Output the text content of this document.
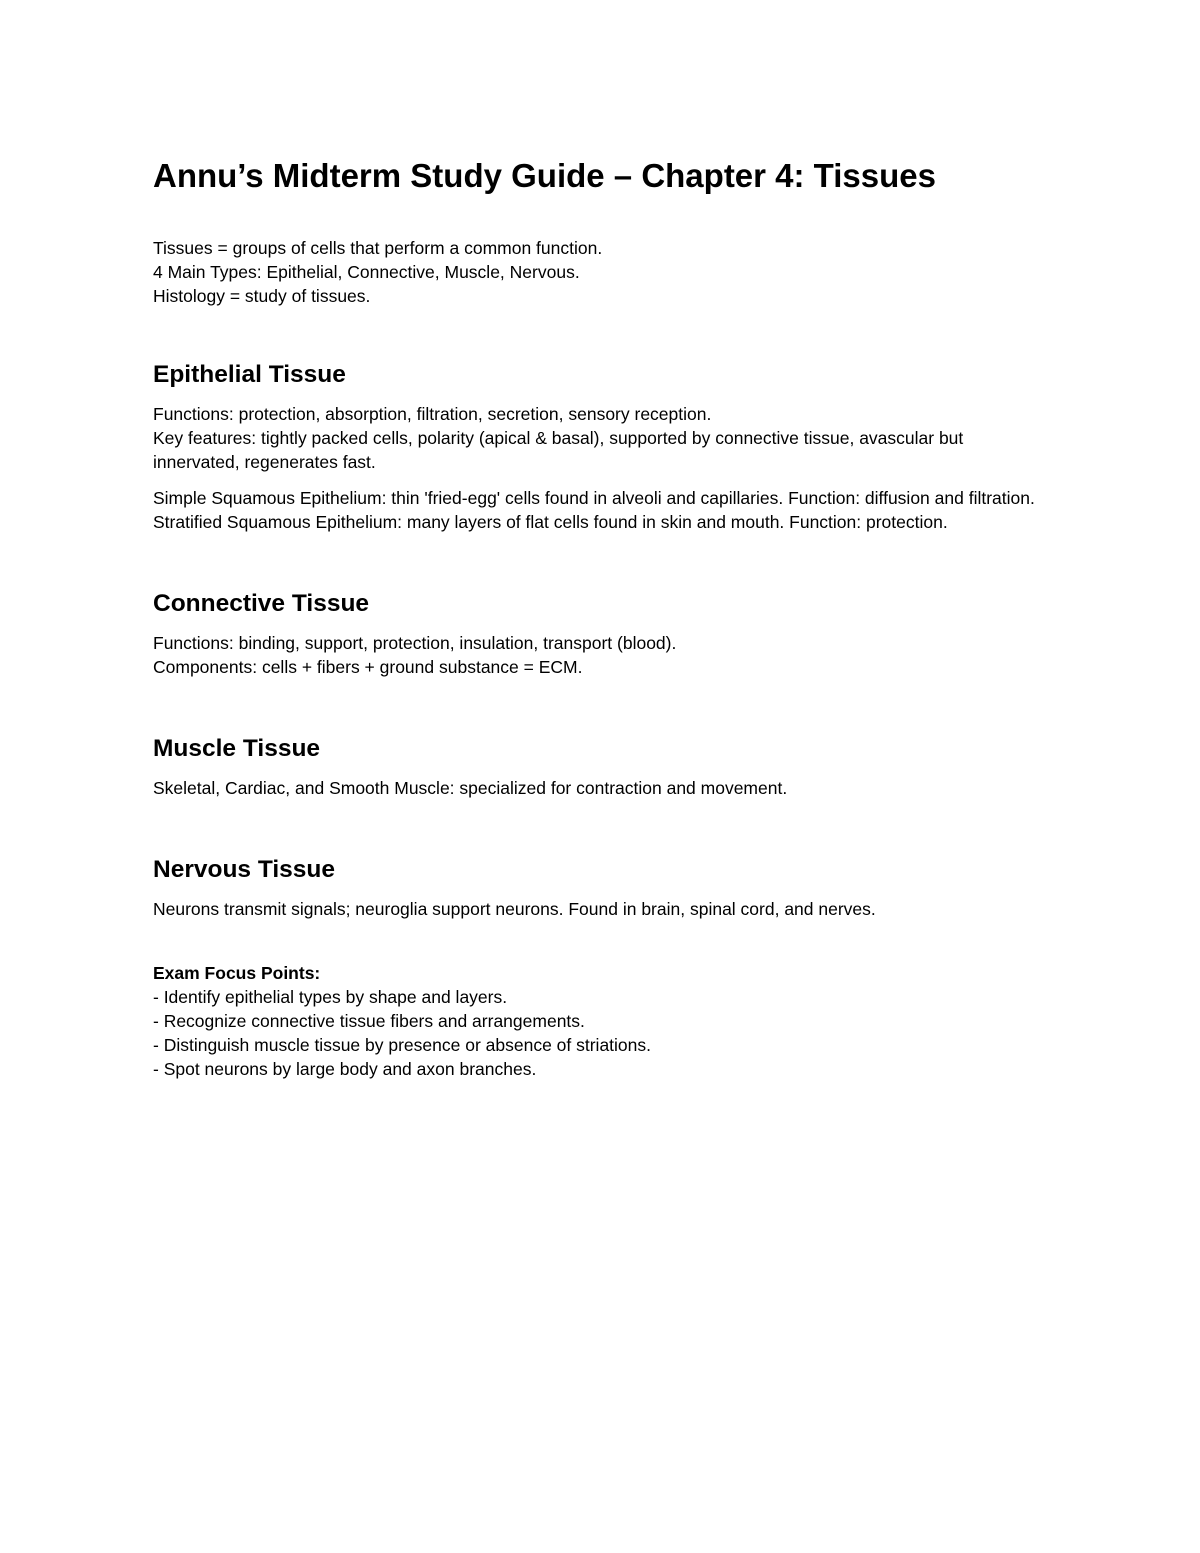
Annu’s Midterm Study Guide – Chapter 4: Tissues

Tissues = groups of cells that perform a common function.

4 Main Types: Epithelial, Connective, Muscle, Nervous.

Histology = study of tissues.

Epithelial Tissue

Functions: protection, absorption, filtration, secretion, sensory reception.

Key features: tightly packed cells, polarity (apical & basal), supported by connective tissue, avascular but innervated, regenerates fast.

Simple Squamous Epithelium: thin 'fried-egg' cells found in alveoli and capillaries. Function: diffusion and filtration.

Stratified Squamous Epithelium: many layers of flat cells found in skin and mouth. Function: protection.

Connective Tissue

Functions: binding, support, protection, insulation, transport (blood).

Components: cells + fibers + ground substance = ECM.

Muscle Tissue

Skeletal, Cardiac, and Smooth Muscle: specialized for contraction and movement.

Nervous Tissue

Neurons transmit signals; neuroglia support neurons. Found in brain, spinal cord, and nerves.

Exam Focus Points:

- Identify epithelial types by shape and layers.

- Recognize connective tissue fibers and arrangements.

- Distinguish muscle tissue by presence or absence of striations.

- Spot neurons by large body and axon branches.
